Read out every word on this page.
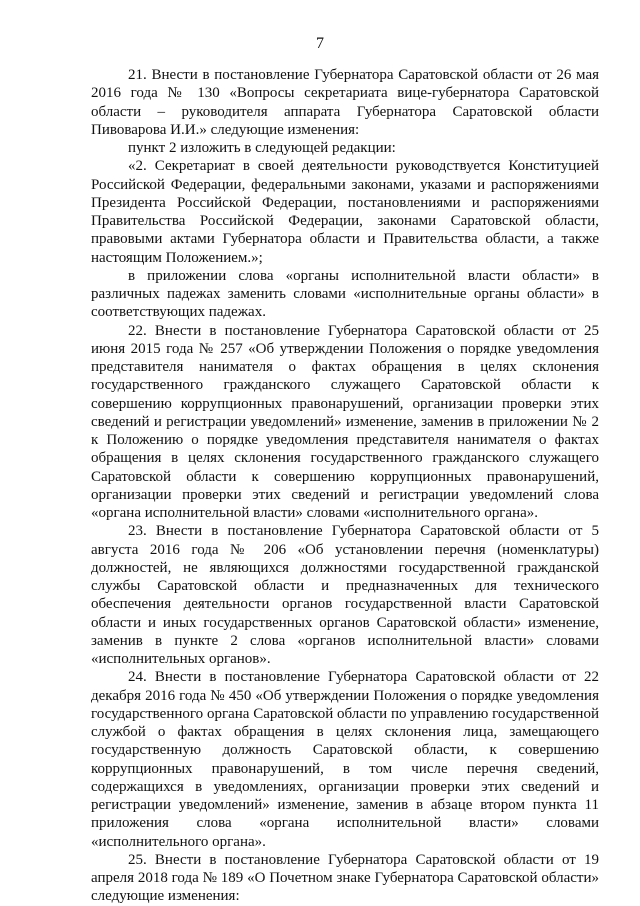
7

21. Внести в постановление Губернатора Саратовской области от 26 мая 2016 года № 130 «Вопросы секретариата вице-губернатора Саратовской области – руководителя аппарата Губернатора Саратовской области Пивоварова И.И.» следующие изменения:

пункт 2 изложить в следующей редакции:

«2. Секретариат в своей деятельности руководствуется Конституцией Российской Федерации, федеральными законами, указами и распоряжениями Президента Российской Федерации, постановлениями и распоряжениями Правительства Российской Федерации, законами Саратовской области, правовыми актами Губернатора области и Правительства области, а также настоящим Положением.»;

в приложении слова «органы исполнительной власти области» в различных падежах заменить словами «исполнительные органы области» в соответствующих падежах.

22. Внести в постановление Губернатора Саратовской области от 25 июня 2015 года № 257 «Об утверждении Положения о порядке уведомления представителя нанимателя о фактах обращения в целях склонения государственного гражданского служащего Саратовской области к совершению коррупционных правонарушений, организации проверки этих сведений и регистрации уведомлений» изменение, заменив в приложении № 2 к Положению о порядке уведомления представителя нанимателя о фактах обращения в целях склонения государственного гражданского служащего Саратовской области к совершению коррупционных правонарушений, организации проверки этих сведений и регистрации уведомлений слова «органа исполнительной власти» словами «исполнительного органа».

23. Внести в постановление Губернатора Саратовской области от 5 августа 2016 года № 206 «Об установлении перечня (номенклатуры) должностей, не являющихся должностями государственной гражданской службы Саратовской области и предназначенных для технического обеспечения деятельности органов государственной власти Саратовской области и иных государственных органов Саратовской области» изменение, заменив в пункте 2 слова «органов исполнительной власти» словами «исполнительных органов».

24. Внести в постановление Губернатора Саратовской области от 22 декабря 2016 года № 450 «Об утверждении Положения о порядке уведомления государственного органа Саратовской области по управлению государственной службой о фактах обращения в целях склонения лица, замещающего государственную должность Саратовской области, к совершению коррупционных правонарушений, в том числе перечня сведений, содержащихся в уведомлениях, организации проверки этих сведений и регистрации уведомлений» изменение, заменив в абзаце втором пункта 11 приложения слова «органа исполнительной власти» словами «исполнительного органа».

25. Внести в постановление Губернатора Саратовской области от 19 апреля 2018 года № 189 «О Почетном знаке Губернатора Саратовской области» следующие изменения:
